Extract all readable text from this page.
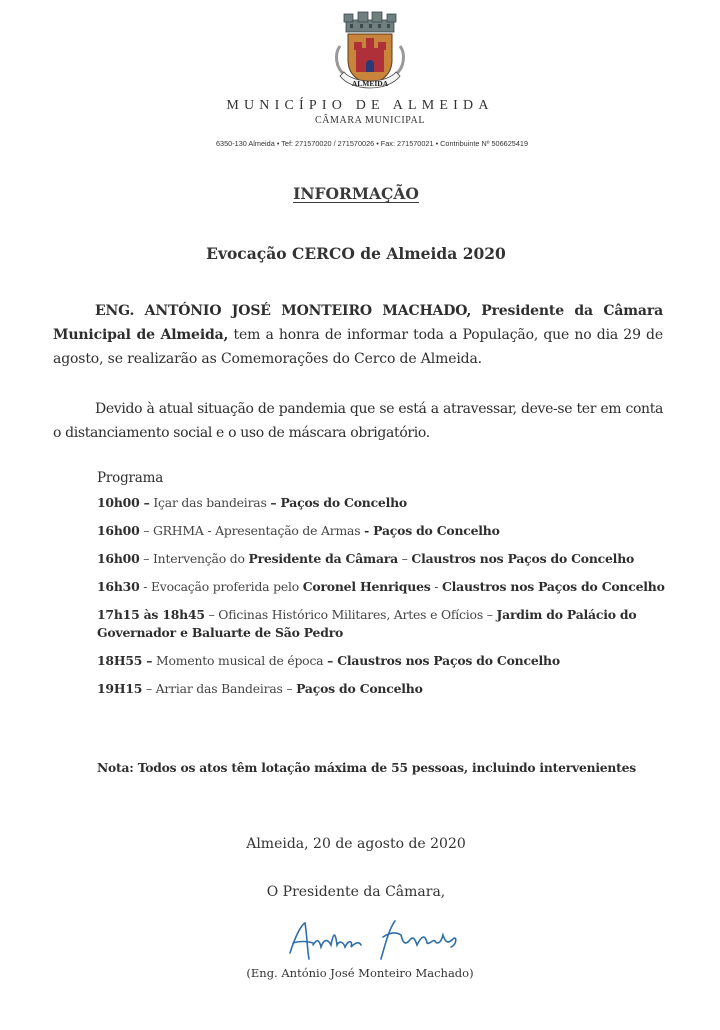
ALMEIDA
MUNICÍPIO DE ALMEIDA
CÂMARA MUNICIPAL
6350-130 Almeida • Tef: 271570020 / 271570026 • Fax: 271570021 • Contribuinte Nº 506625419
INFORMAÇÃO
Evocação CERCO de Almeida 2020
ENG. ANTÓNIO JOSÉ MONTEIRO MACHADO, Presidente da Câmara Municipal de Almeida, tem a honra de informar toda a População, que no dia 29 de agosto, se realizarão as Comemorações do Cerco de Almeida.
Devido à atual situação de pandemia que se está a atravessar, deve-se ter em conta o distanciamento social e o uso de máscara obrigatório.
Programa
10h00 – Içar das bandeiras – Paços do Concelho
16h00 – GRHMA - Apresentação de Armas - Paços do Concelho
16h00 – Intervenção do Presidente da Câmara – Claustros nos Paços do Concelho
16h30 - Evocação proferida pelo Coronel Henriques - Claustros nos Paços do Concelho
17h15 às 18h45 – Oficinas Histórico Militares, Artes e Ofícios – Jardim do Palácio do Governador e Baluarte de São Pedro
18H55 – Momento musical de época – Claustros nos Paços do Concelho
19H15 – Arriar das Bandeiras – Paços do Concelho
Nota: Todos os atos têm lotação máxima de 55 pessoas, incluindo intervenientes
Almeida, 20 de agosto de 2020
O Presidente da Câmara,
(Eng. António José Monteiro Machado)
